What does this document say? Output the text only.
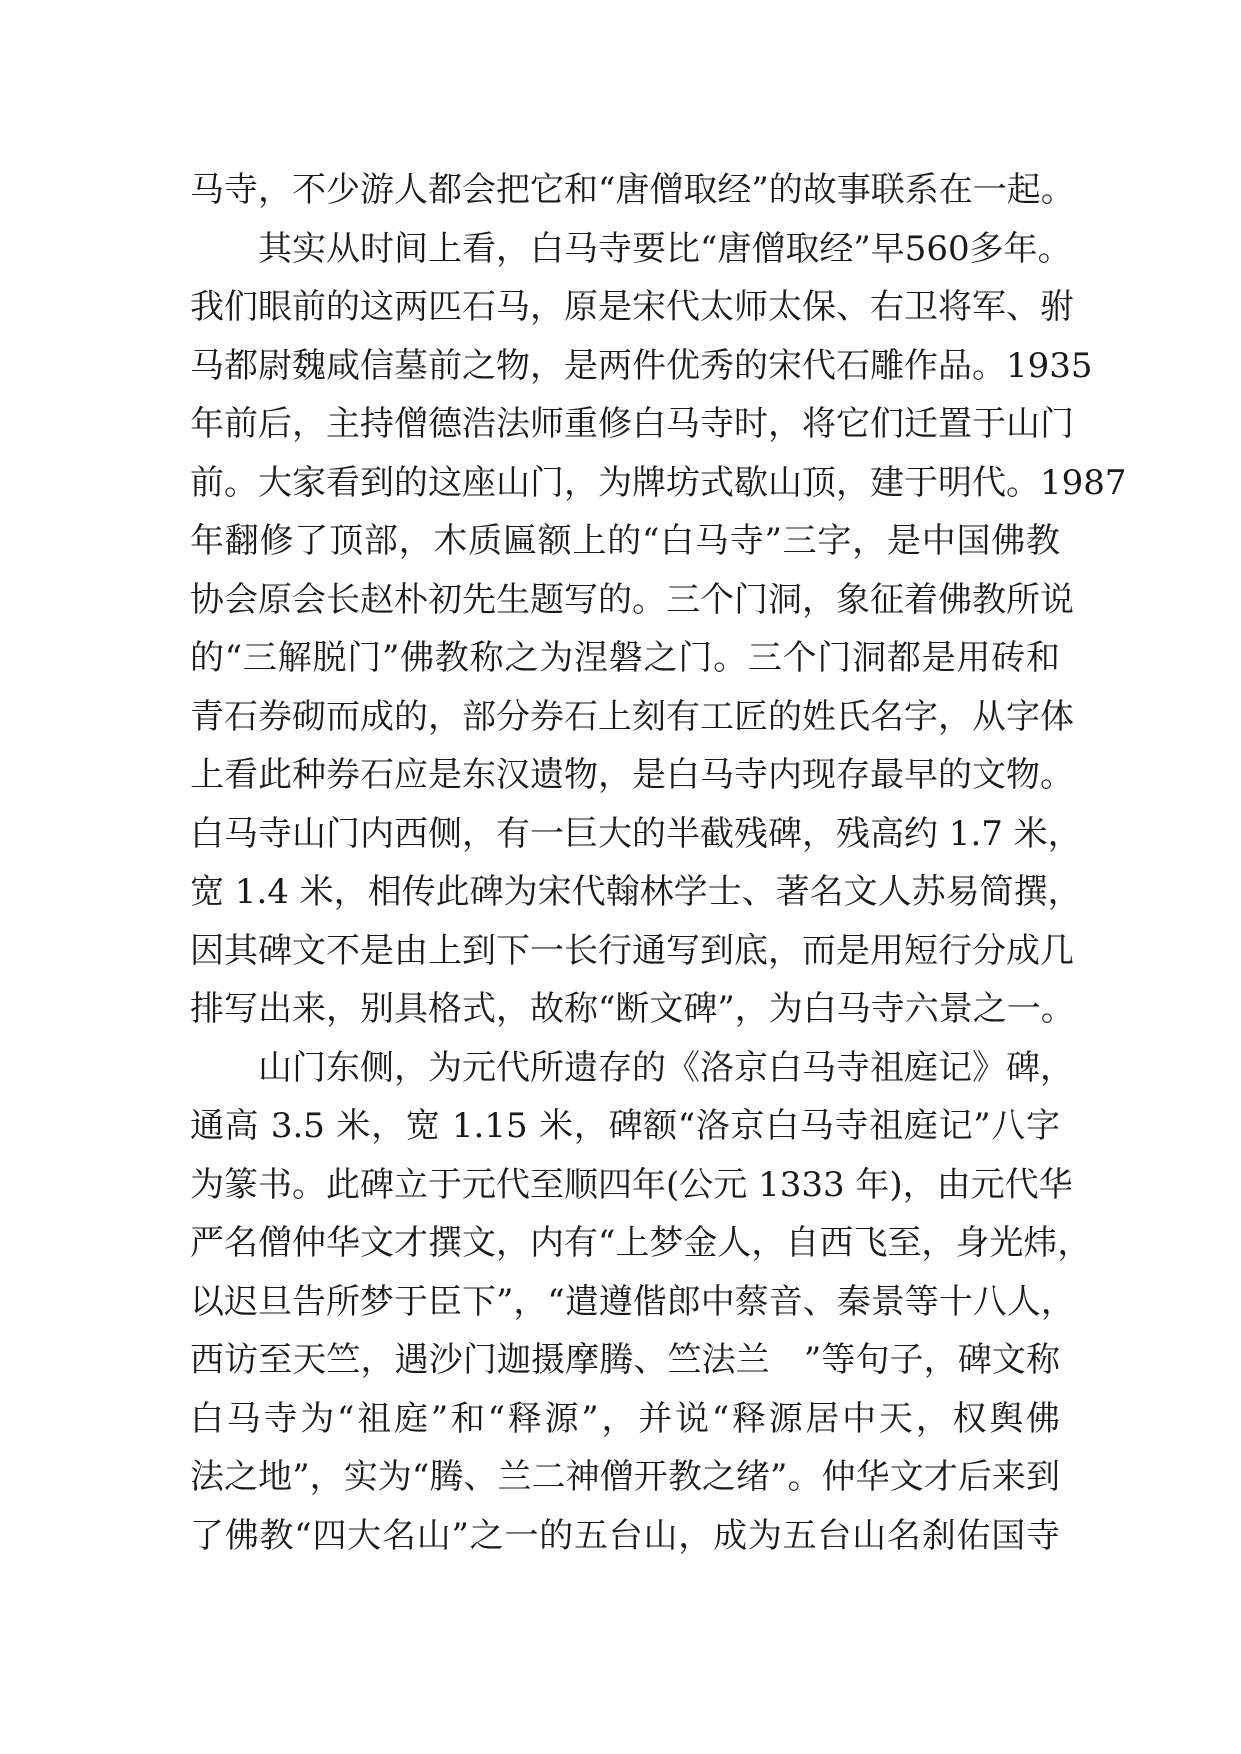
马寺，不少游人都会把它和“唐僧取经”的故事联系在一起。
其实从时间上看，白马寺要比“唐僧取经”早560多年。
我们眼前的这两匹石马，原是宋代太师太保、右卫将军、驸
马都尉魏咸信墓前之物，是两件优秀的宋代石雕作品。1935
年前后，主持僧德浩法师重修白马寺时，将它们迁置于山门
前。大家看到的这座山门，为牌坊式歇山顶，建于明代。1987
年翻修了顶部，木质匾额上的“白马寺”三字，是中国佛教
协会原会长赵朴初先生题写的。三个门洞，象征着佛教所说
的“三解脱门”佛教称之为涅磐之门。三个门洞都是用砖和
青石券砌而成的，部分券石上刻有工匠的姓氏名字，从字体
上看此种券石应是东汉遗物，是白马寺内现存最早的文物。
白马寺山门内西侧，有一巨大的半截残碑，残高约 1.7 米，
宽 1.4 米，相传此碑为宋代翰林学士、著名文人苏易简撰，
因其碑文不是由上到下一长行通写到底，而是用短行分成几
排写出来，别具格式，故称“断文碑”，为白马寺六景之一。
山门东侧，为元代所遗存的《洛京白马寺祖庭记》碑，
通高 3.5 米，宽 1.15 米，碑额“洛京白马寺祖庭记”八字
为篆书。此碑立于元代至顺四年(公元 1333 年)，由元代华
严名僧仲华文才撰文，内有“上梦金人，自西飞至，身光炜，
以迟旦告所梦于臣下”，“遣遵偕郎中蔡音、秦景等十八人，
西访至天竺，遇沙门迦摄摩腾、竺法兰　”等句子，碑文称
白马寺为“祖庭”和“释源”，并说“释源居中天，权舆佛
法之地”，实为“腾、兰二神僧开教之绪”。仲华文才后来到
了佛教“四大名山”之一的五台山，成为五台山名刹佑国寺
